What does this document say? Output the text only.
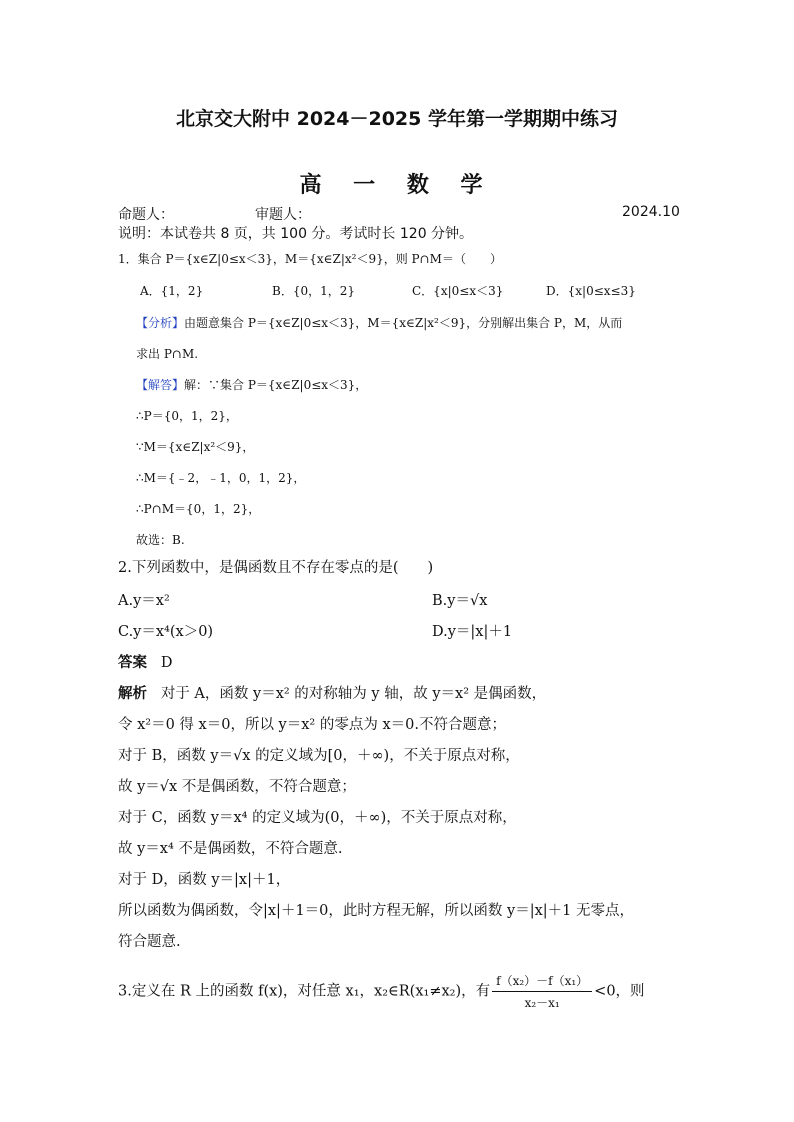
北京交大附中 2024－2025 学年第一学期期中练习
高 一 数 学
命题人：	审题人：	2024.10
说明：本试卷共 8 页，共 100 分。考试时长 120 分钟。
1．集合 P＝{x∈Z|0≤x＜3}，M＝{x∈Z|x²＜9}，则 P∩M＝（　　）
A．{1，2}	B．{0，1，2}	C．{x|0≤x＜3}	D．{x|0≤x≤3}
【分析】由题意集合 P＝{x∈Z|0≤x＜3}，M＝{x∈Z|x²＜9}，分别解出集合 P，M，从而
求出 P∩M.
【解答】解：∵集合 P＝{x∈Z|0≤x＜3}，
∴P＝{0，1，2}，
∵M＝{x∈Z|x²＜9}，
∴M＝{﹣2，﹣1，0，1，2}，
∴P∩M＝{0，1，2}，
故选：B.
2.下列函数中，是偶函数且不存在零点的是(　　)
A.y＝x²	B.y＝√x
C.y＝x⁴(x＞0)	D.y＝|x|＋1
答案 D
解析 对于 A，函数 y＝x² 的对称轴为 y 轴，故 y＝x² 是偶函数，
令 x²＝0 得 x＝0，所以 y＝x² 的零点为 x＝0.不符合题意；
对于 B，函数 y＝√x 的定义域为[0，＋∞)，不关于原点对称，
故 y＝√x 不是偶函数，不符合题意；
对于 C，函数 y＝x⁴ 的定义域为(0，＋∞)，不关于原点对称，
故 y＝x⁴ 不是偶函数，不符合题意.
对于 D，函数 y＝|x|＋1，
所以函数为偶函数，令|x|＋1＝0，此时方程无解，所以函数 y＝|x|＋1 无零点，
符合题意.
3.定义在 R 上的函数 f(x)，对任意 x₁，x₂∈R(x₁≠x₂)，有 $\frac{\text{f（x₂）－f（x₁）}}{\text{x₂－x₁}} <0$，则
